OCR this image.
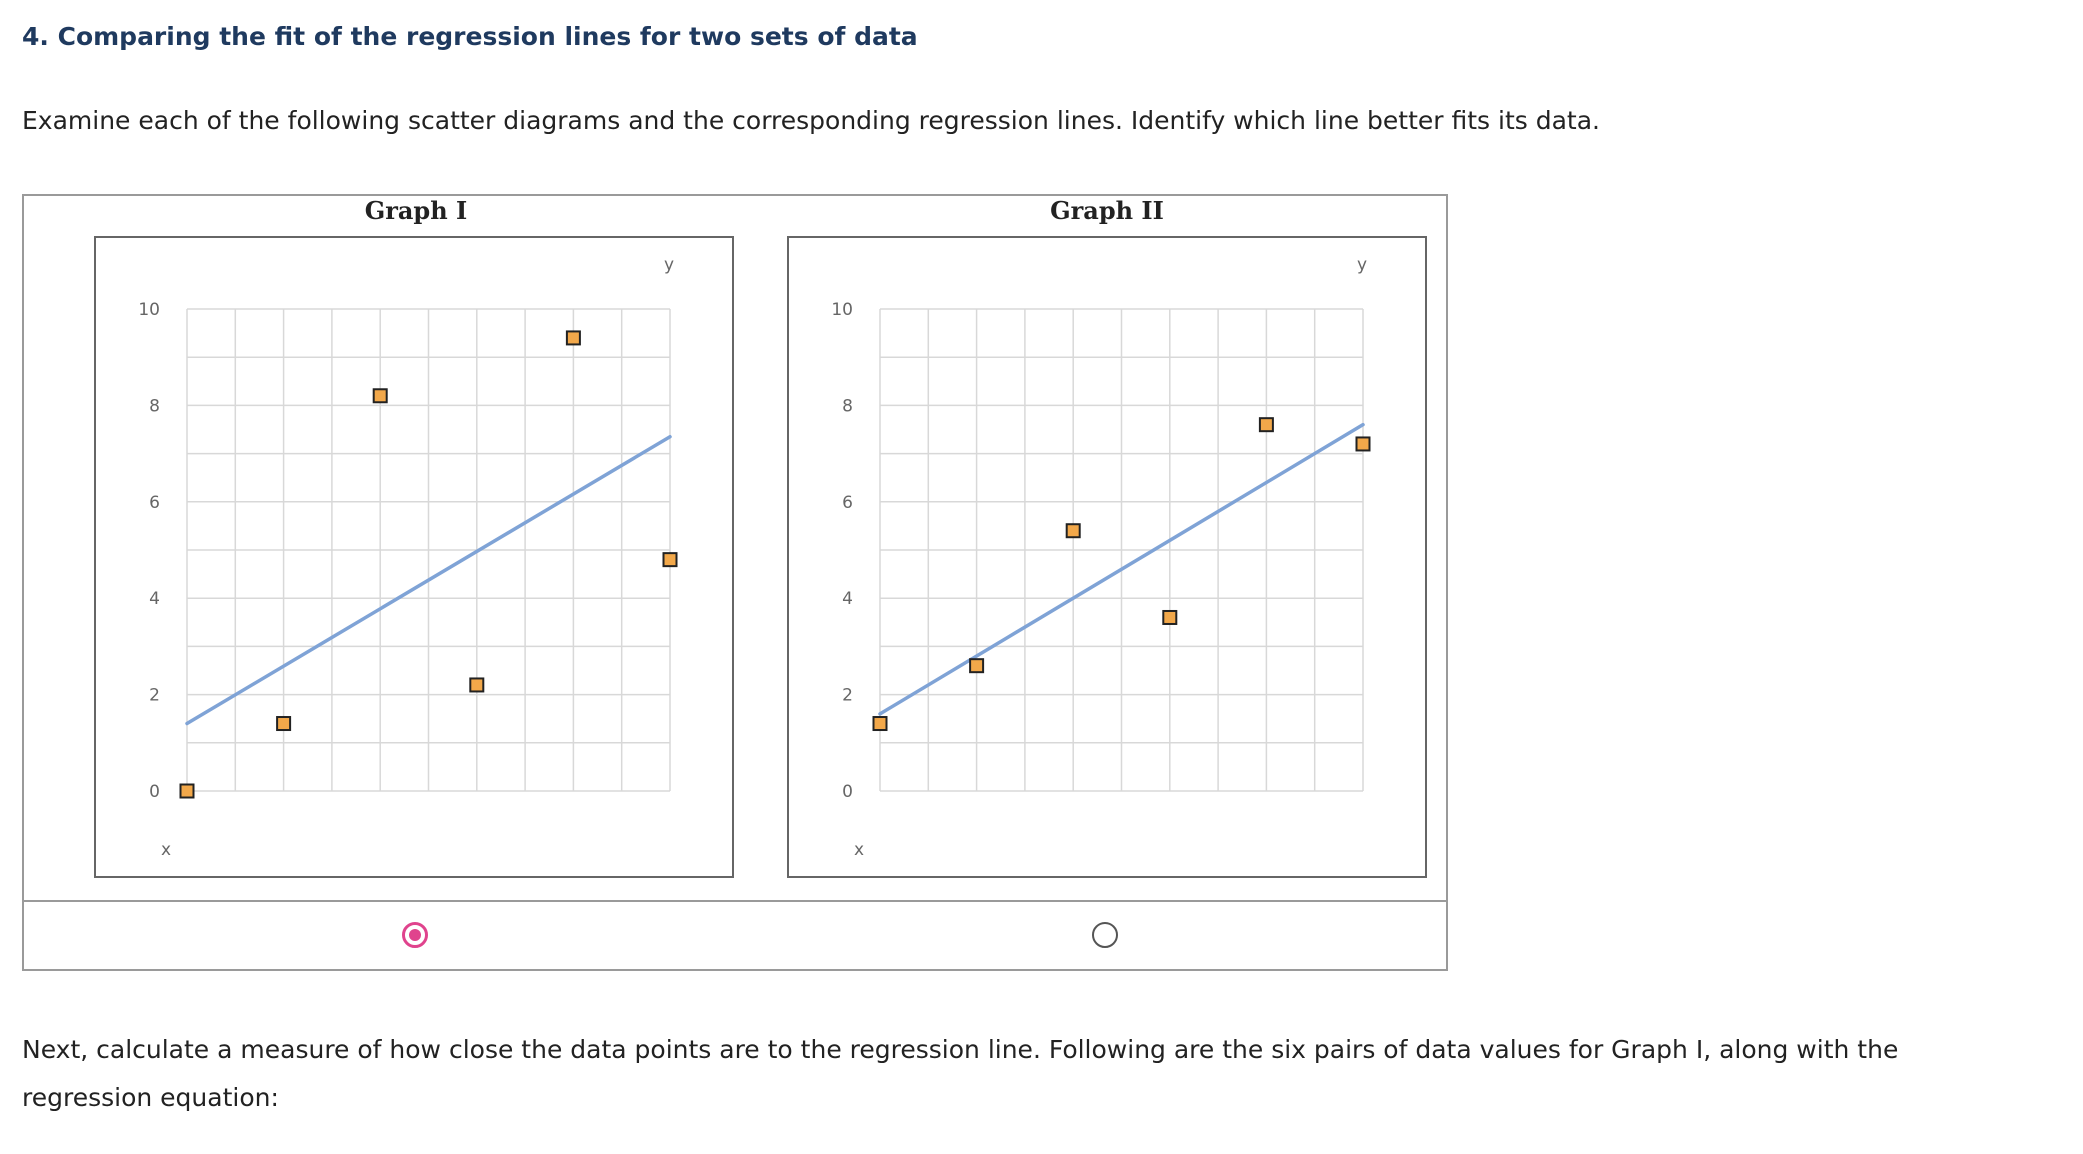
4. Comparing the fit of the regression lines for two sets of data

Examine each of the following scatter diagrams and the corresponding regression lines. Identify which line better fits its data.

Graph I	Graph II
0
2
4
6
8
10
x
y
0
2
4
6
8
10
x
y

Next, calculate a measure of how close the data points are to the regression line. Following are the six pairs of data values for Graph I, along with the regression equation:
